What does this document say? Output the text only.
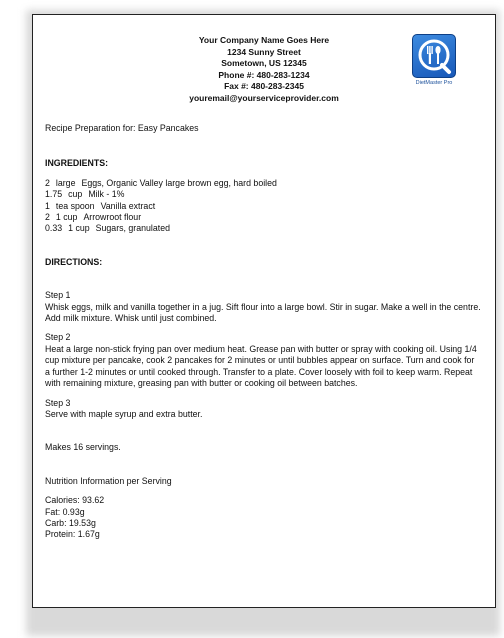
Your Company Name Goes Here
1234 Sunny Street
Sometown, US 12345
Phone #: 480-283-1234
Fax #: 480-283-2345
youremail@yourserviceprovider.com
DietMaster Pro
Recipe Preparation for: Easy Pancakes
INGREDIENTS:
2 large Eggs, Organic Valley large brown egg, hard boiled
1.75 cup Milk - 1%
1 tea spoon Vanilla extract
2 1 cup Arrowroot flour
0.33 1 cup Sugars, granulated
DIRECTIONS:
Step 1
Whisk eggs, milk and vanilla together in a jug. Sift flour into a large bowl. Stir in sugar. Make a well in the centre. Add milk mixture. Whisk until just combined.
Step 2
Heat a large non-stick frying pan over medium heat. Grease pan with butter or spray with cooking oil. Using 1/4 cup mixture per pancake, cook 2 pancakes for 2 minutes or until bubbles appear on surface. Turn and cook for a further 1-2 minutes or until cooked through. Transfer to a plate. Cover loosely with foil to keep warm. Repeat with remaining mixture, greasing pan with butter or cooking oil between batches.
Step 3
Serve with maple syrup and extra butter.
Makes 16 servings.
Nutrition Information per Serving
Calories: 93.62
Fat: 0.93g
Carb: 19.53g
Protein: 1.67g
